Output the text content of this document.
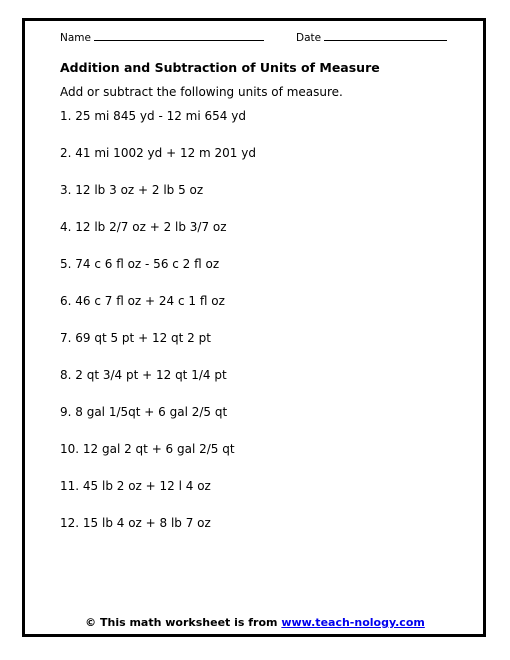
Name	Date
Addition and Subtraction of Units of Measure
Add or subtract the following units of measure.
1. 25 mi 845 yd - 12 mi 654 yd
2. 41 mi 1002 yd + 12 m 201 yd
3. 12 lb 3 oz + 2 lb 5 oz
4. 12 lb 2/7 oz + 2 lb 3/7 oz
5. 74 c 6 fl oz - 56 c 2 fl oz
6. 46 c 7 fl oz + 24 c 1 fl oz
7. 69 qt 5 pt + 12 qt 2 pt
8. 2 qt 3/4 pt + 12 qt 1/4 pt
9. 8 gal 1/5qt + 6 gal 2/5 qt
10. 12 gal 2 qt + 6 gal 2/5 qt
11. 45 lb 2 oz + 12 l 4 oz
12. 15 lb 4 oz + 8 lb 7 oz
© This math worksheet is from www.teach-nology.com
